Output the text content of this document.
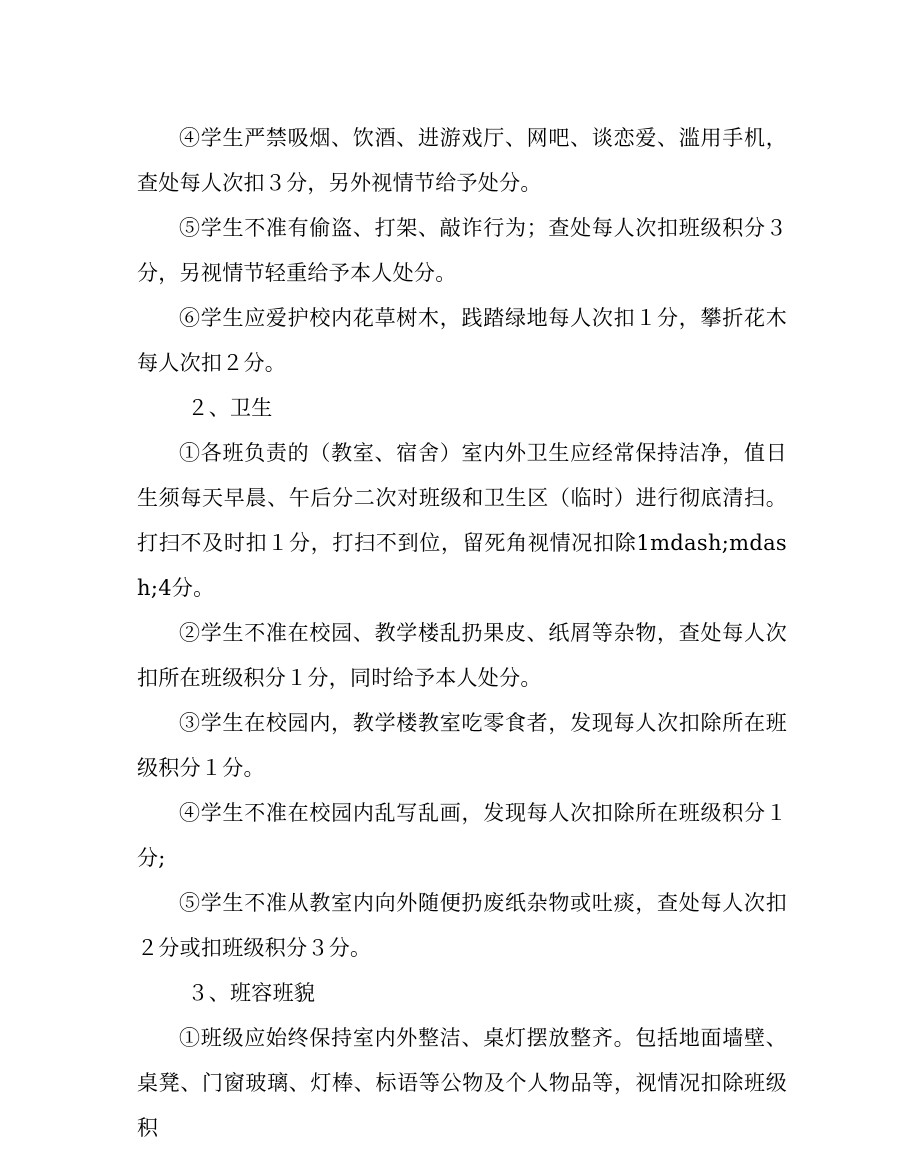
④学生严禁吸烟、饮酒、进游戏厅、网吧、谈恋爱、滥用手机，查处每人次扣３分，另外视情节给予处分。

⑤学生不准有偷盗、打架、敲诈行为；查处每人次扣班级积分３分，另视情节轻重给予本人处分。

⑥学生应爱护校内花草树木，践踏绿地每人次扣１分，攀折花木每人次扣２分。

２、卫生

①各班负责的（教室、宿舍）室内外卫生应经常保持洁净，值日生须每天早晨、午后分二次对班级和卫生区（临时）进行彻底清扫。打扫不及时扣１分，打扫不到位，留死角视情况扣除1mdash;mdash;4分。

②学生不准在校园、教学楼乱扔果皮、纸屑等杂物，查处每人次扣所在班级积分１分，同时给予本人处分。

③学生在校园内，教学楼教室吃零食者，发现每人次扣除所在班级积分１分。

④学生不准在校园内乱写乱画，发现每人次扣除所在班级积分１分;

⑤学生不准从教室内向外随便扔废纸杂物或吐痰，查处每人次扣２分或扣班级积分３分。

３、班容班貌

①班级应始终保持室内外整洁、桌灯摆放整齐。包括地面墙壁、桌凳、门窗玻璃、灯棒、标语等公物及个人物品等，视情况扣除班级积
